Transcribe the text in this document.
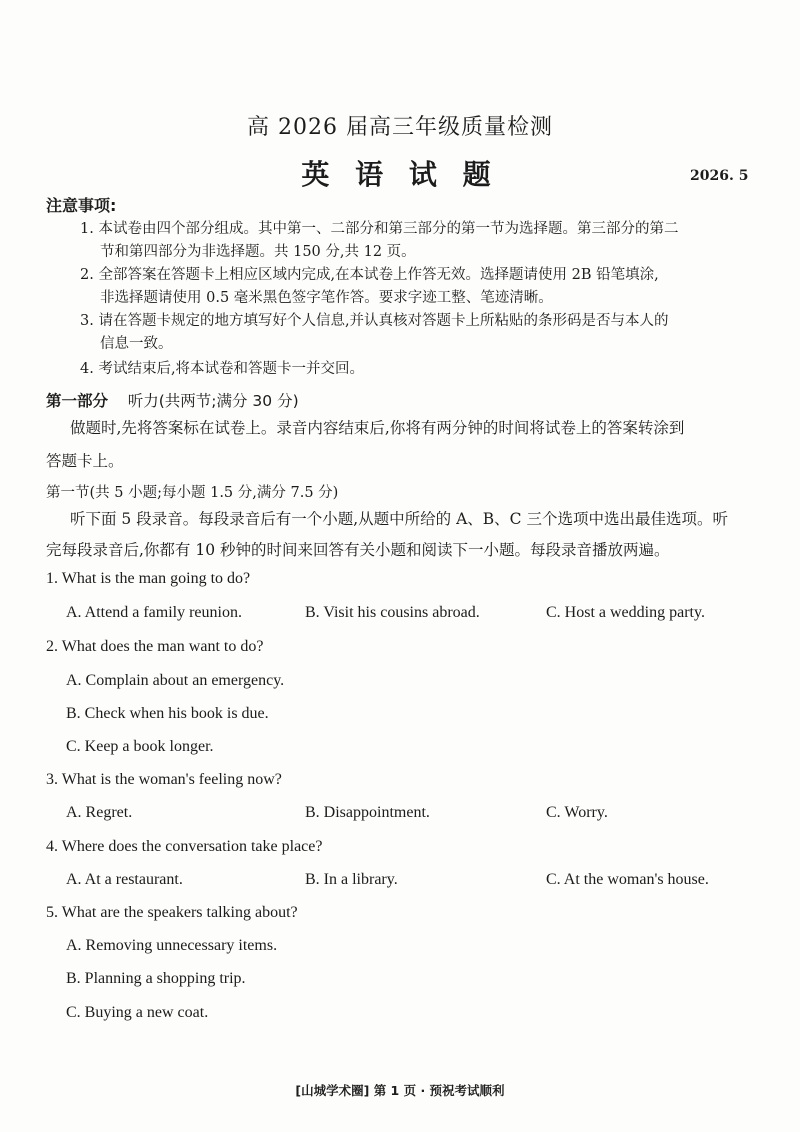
高 2026 届高三年级质量检测
英 语 试 题	2026. 5
注意事项:
1. 本试卷由四个部分组成。其中第一、二部分和第三部分的第一节为选择题。第三部分的第二
节和第四部分为非选择题。共 150 分,共 12 页。
2. 全部答案在答题卡上相应区域内完成,在本试卷上作答无效。选择题请使用 2B 铅笔填涂,
非选择题请使用 0.5 毫米黑色签字笔作答。要求字迹工整、笔迹清晰。
3. 请在答题卡规定的地方填写好个人信息,并认真核对答题卡上所粘贴的条形码是否与本人的
信息一致。
4. 考试结束后,将本试卷和答题卡一并交回。
第一部分 听力(共两节;满分 30 分)
做题时,先将答案标在试卷上。录音内容结束后,你将有两分钟的时间将试卷上的答案转涂到
答题卡上。
第一节(共 5 小题;每小题 1.5 分,满分 7.5 分)
听下面 5 段录音。每段录音后有一个小题,从题中所给的 A、B、C 三个选项中选出最佳选项。听
完每段录音后,你都有 10 秒钟的时间来回答有关小题和阅读下一小题。每段录音播放两遍。
1. What is the man going to do?
A. Attend a family reunion.	B. Visit his cousins abroad.	C. Host a wedding party.
2. What does the man want to do?
A. Complain about an emergency.
B. Check when his book is due.
C. Keep a book longer.
3. What is the woman's feeling now?
A. Regret.	B. Disappointment.	C. Worry.
4. Where does the conversation take place?
A. At a restaurant.	B. In a library.	C. At the woman's house.
5. What are the speakers talking about?
A. Removing unnecessary items.
B. Planning a shopping trip.
C. Buying a new coat.
[山城学术圈] 第 1 页 · 预祝考试顺利
